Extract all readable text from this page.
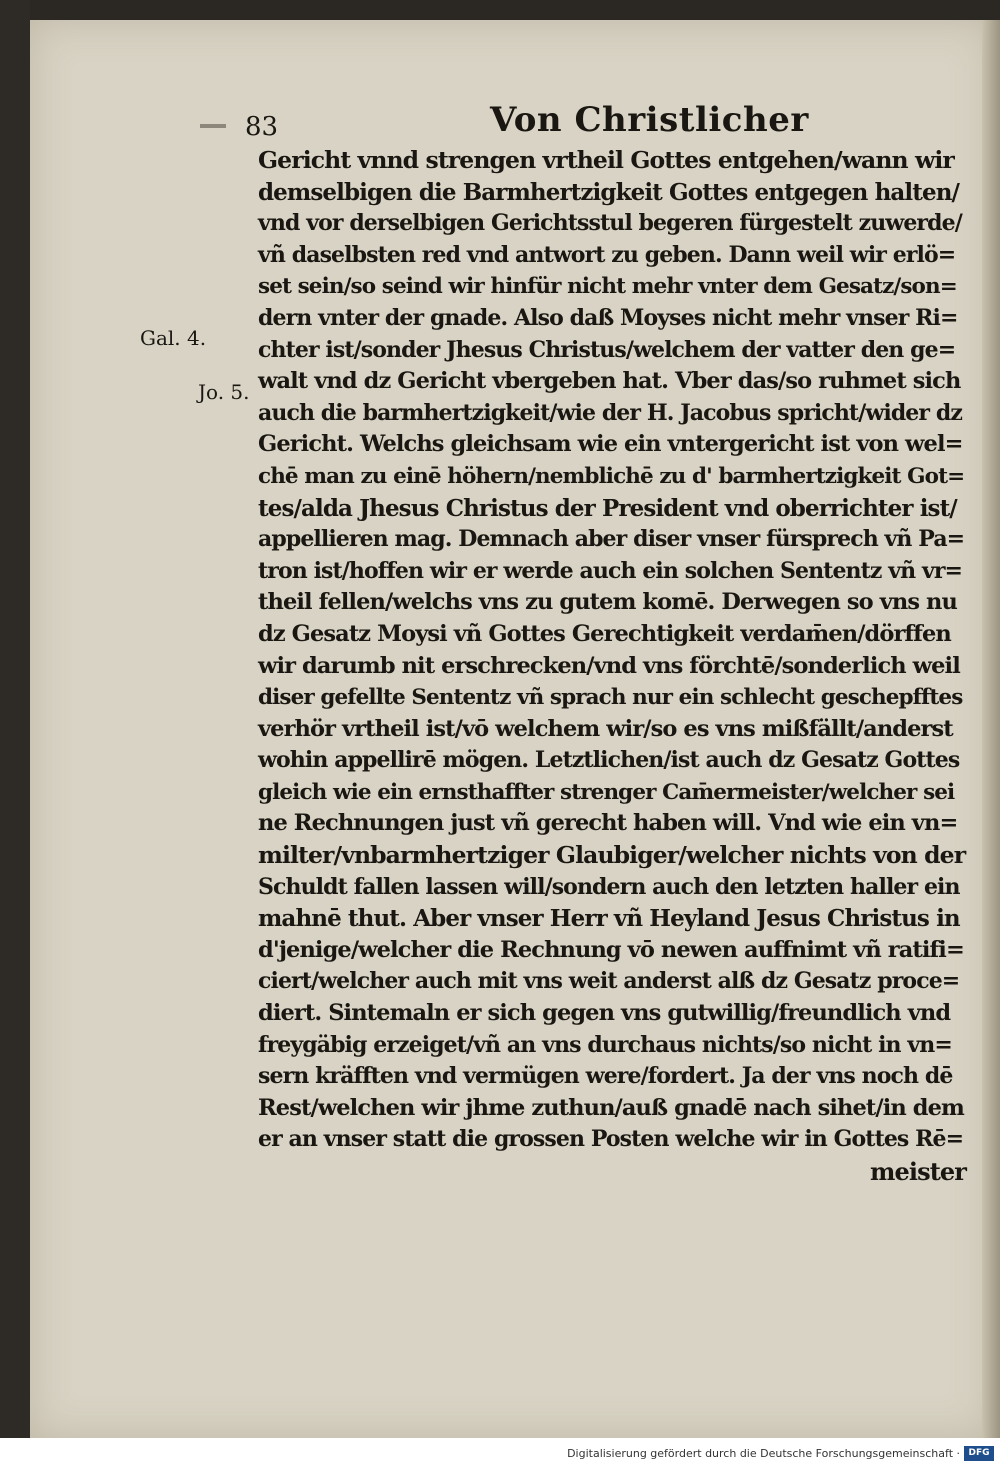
83	Von Christlicher
Gal. 4.
Jo. 5.
Gericht vnnd strengen vrtheil Gottes entgehen/wann wir
demselbigen die Barmhertzigkeit Gottes entgegen halten/
vnd vor derselbigen Gerichtsstul begeren fürgestelt zuwerde/
vñ daselbsten red vnd antwort zu geben. Dann weil wir erlö=
set sein/so seind wir hinfür nicht mehr vnter dem Gesatz/son=
dern vnter der gnade. Also daß Moyses nicht mehr vnser Ri=
chter ist/sonder Jhesus Christus/welchem der vatter den ge=
walt vnd dz Gericht vbergeben hat. Vber das/so ruhmet sich
auch die barmhertzigkeit/wie der H. Jacobus spricht/wider dz
Gericht. Welchs gleichsam wie ein vntergericht ist von wel=
chē man zu einē höhern/nemblichē zu d' barmhertzigkeit Got=
tes/alda Jhesus Christus der President vnd oberrichter ist/
appellieren mag. Demnach aber diser vnser fürsprech vñ Pa=
tron ist/hoffen wir er werde auch ein solchen Sententz vñ vr=
theil fellen/welchs vns zu gutem komē. Derwegen so vns nu
dz Gesatz Moysi vñ Gottes Gerechtigkeit verdam̄en/dörffen
wir darumb nit erschrecken/vnd vns förchtē/sonderlich weil
diser gefellte Sententz vñ sprach nur ein schlecht geschepfftes
verhör vrtheil ist/vō welchem wir/so es vns mißfällt/anderst
wohin appellirē mögen. Letztlichen/ist auch dz Gesatz Gottes
gleich wie ein ernsthaffter strenger Cam̄ermeister/welcher sei
ne Rechnungen just vñ gerecht haben will. Vnd wie ein vn=
milter/vnbarmhertziger Glaubiger/welcher nichts von der
Schuldt fallen lassen will/sondern auch den letzten haller ein
mahnē thut. Aber vnser Herr vñ Heyland Jesus Christus in
d'jenige/welcher die Rechnung vō newen auffnimt vñ ratifi=
ciert/welcher auch mit vns weit anderst alß dz Gesatz proce=
diert. Sintemaln er sich gegen vns gutwillig/freundlich vnd
freygäbig erzeiget/vñ an vns durchaus nichts/so nicht in vn=
sern kräfften vnd vermügen were/fordert. Ja der vns noch dē
Rest/welchen wir jhme zuthun/auß gnadē nach sihet/in dem
er an vnser statt die grossen Posten welche wir in Gottes Rē=
meister
Digitalisierung gefördert durch die Deutsche Forschungsgemeinschaft · DFG
